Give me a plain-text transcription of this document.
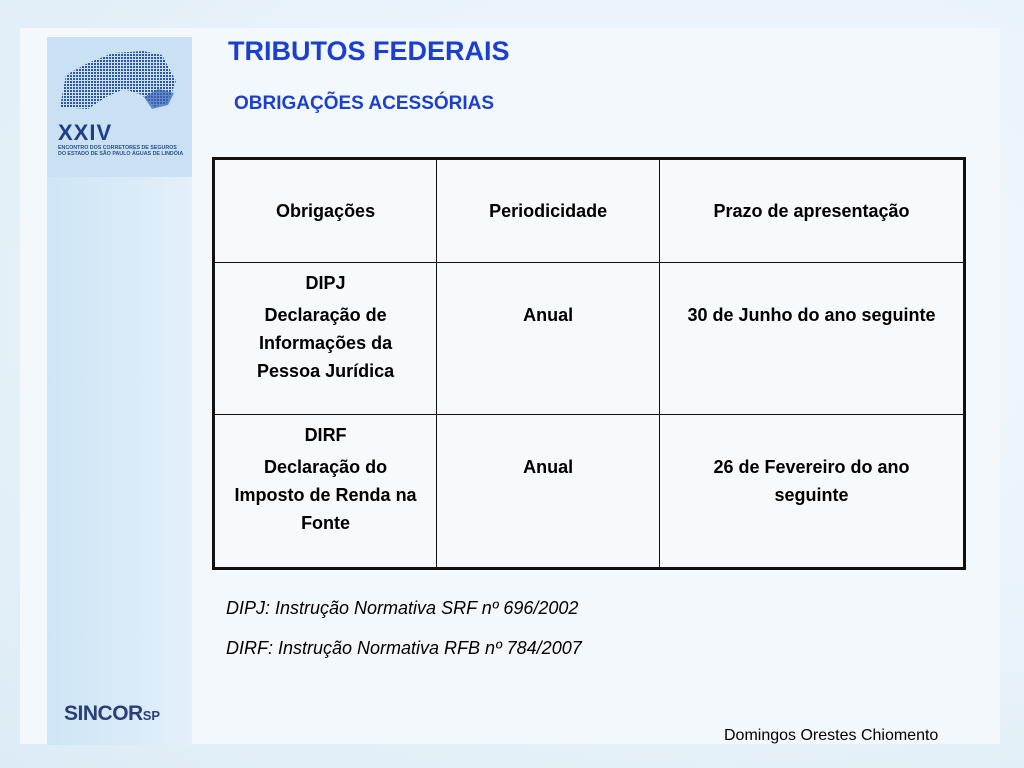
XXIV
ENCONTRO DOS CORRETORES DE SEGUROS DO ESTADO DE SÃO PAULO ÁGUAS DE LINDÓIA
TRIBUTOS FEDERAIS
OBRIGAÇÕES ACESSÓRIAS
Obrigações	Periodicidade	Prazo de apresentação

DIPJ
Declaração de Informações da Pessoa Jurídica	Anual	30 de Junho do ano seguinte

DIRF
Declaração do Imposto de Renda na Fonte	Anual	26 de Fevereiro do ano seguinte
DIPJ: Instrução Normativa SRF nº 696/2002
DIRF: Instrução Normativa RFB nº 784/2007
SINCORSP
Domingos Orestes Chiomento
